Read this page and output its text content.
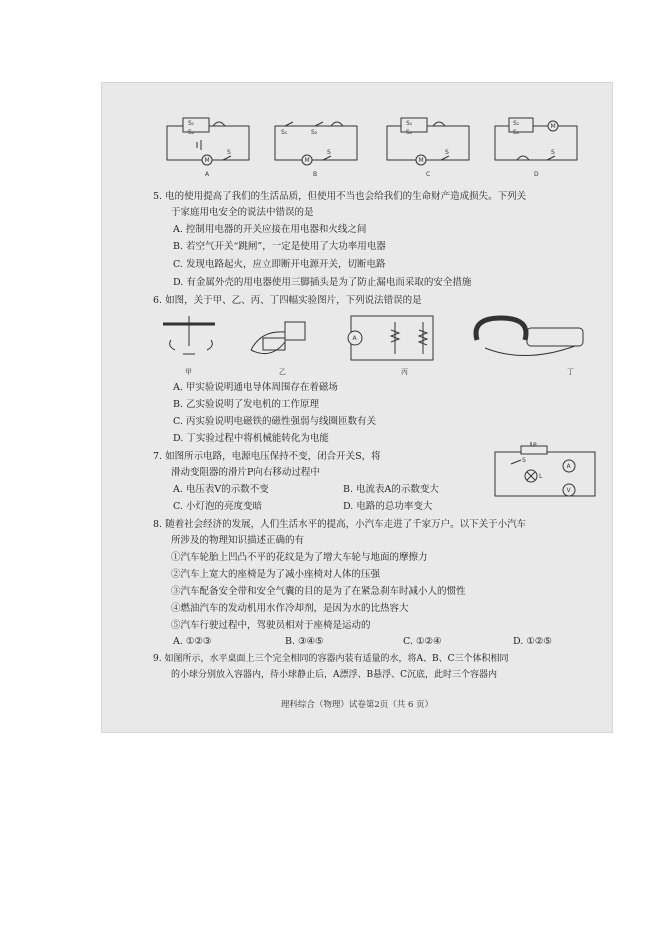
S₁
S₂
M
S
S₁	S₂
M
S
S₁
S₂
M
S
S₁
S₂
M
S
A	B	C	D
5. 电的使用提高了我们的生活品质，但使用不当也会给我们的生命财产造成损失。下列关
于家庭用电安全的说法中错误的是
A. 控制用电器的开关应接在用电器和火线之间
B. 若空气开关“跳闸”，一定是使用了大功率用电器
C. 发现电路起火，应立即断开电源开关，切断电路
D. 有金属外壳的用电器使用三脚插头是为了防止漏电而采取的安全措施
6. 如图，关于甲、乙、丙、丁四幅实验图片，下列说法错误的是
A
甲	乙	丙	丁
A. 甲实验说明通电导体周围存在着磁场
B. 乙实验说明了发电机的工作原理
C. 丙实验说明电磁铁的磁性强弱与线圈匝数有关
D. 丁实验过程中将机械能转化为电能
7. 如图所示电路，电源电压保持不变，闭合开关S，将
滑动变阻器的滑片P向右移动过程中
A. 电压表V的示数不变	B. 电流表A的示数变大
C. 小灯泡的亮度变暗	D. 电路的总功率变大
P
S
A
L
V
8. 随着社会经济的发展，人们生活水平的提高，小汽车走进了千家万户。以下关于小汽车
所涉及的物理知识描述正确的有
①汽车轮胎上凹凸不平的花纹是为了增大车轮与地面的摩擦力
②汽车上宽大的座椅是为了减小座椅对人体的压强
③汽车配备安全带和安全气囊的目的是为了在紧急刹车时减小人的惯性
④燃油汽车的发动机用水作冷却剂，是因为水的比热容大
⑤汽车行驶过程中，驾驶员相对于座椅是运动的
A. ①②③	B. ③④⑤	C. ①②④	D. ①②⑤
9. 如图所示，水平桌面上三个完全相同的容器内装有适量的水，将A、B、C三个体积相同
的小球分别放入容器内，待小球静止后，A漂浮、B悬浮、C沉底，此时三个容器内
理科综合（物理）试卷第2页（共 6 页）
